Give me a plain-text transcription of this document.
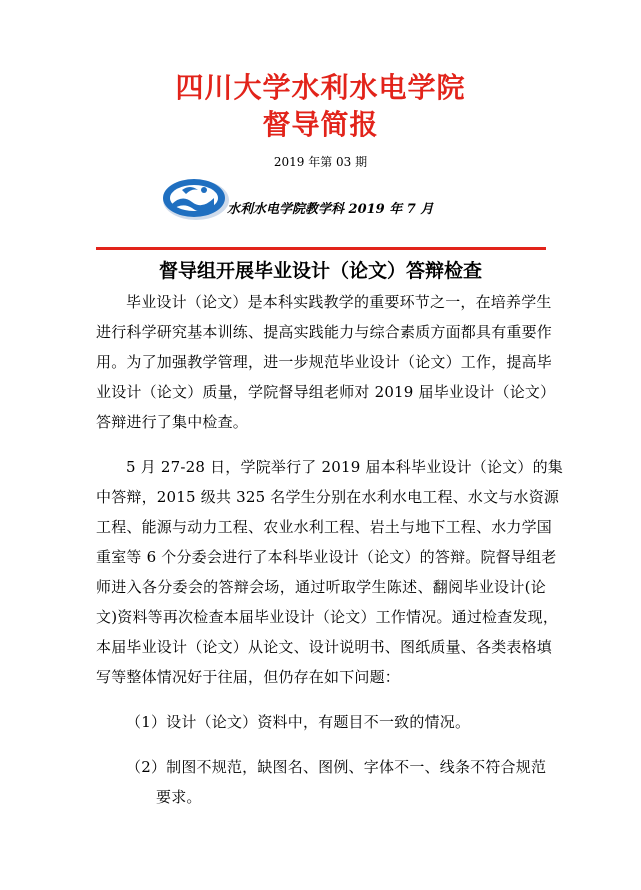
四川大学水利水电学院
督导简报
2019 年第 03 期
水利水电学院教学科 2019 年 7 月
督导组开展毕业设计（论文）答辩检查
毕业设计（论文）是本科实践教学的重要环节之一，在培养学生
进行科学研究基本训练、提高实践能力与综合素质方面都具有重要作
用。为了加强教学管理，进一步规范毕业设计（论文）工作，提高毕
业设计（论文）质量，学院督导组老师对 2019 届毕业设计（论文）
答辩进行了集中检查。
5 月 27-28 日，学院举行了 2019 届本科毕业设计（论文）的集
中答辩，2015 级共 325 名学生分别在水利水电工程、水文与水资源
工程、能源与动力工程、农业水利工程、岩土与地下工程、水力学国
重室等 6 个分委会进行了本科毕业设计（论文）的答辩。院督导组老
师进入各分委会的答辩会场，通过听取学生陈述、翻阅毕业设计(论
文)资料等再次检查本届毕业设计（论文）工作情况。通过检查发现，
本届毕业设计（论文）从论文、设计说明书、图纸质量、各类表格填
写等整体情况好于往届，但仍存在如下问题：
（1）设计（论文）资料中，有题目不一致的情况。
（2）制图不规范，缺图名、图例、字体不一、线条不符合规范
要求。
